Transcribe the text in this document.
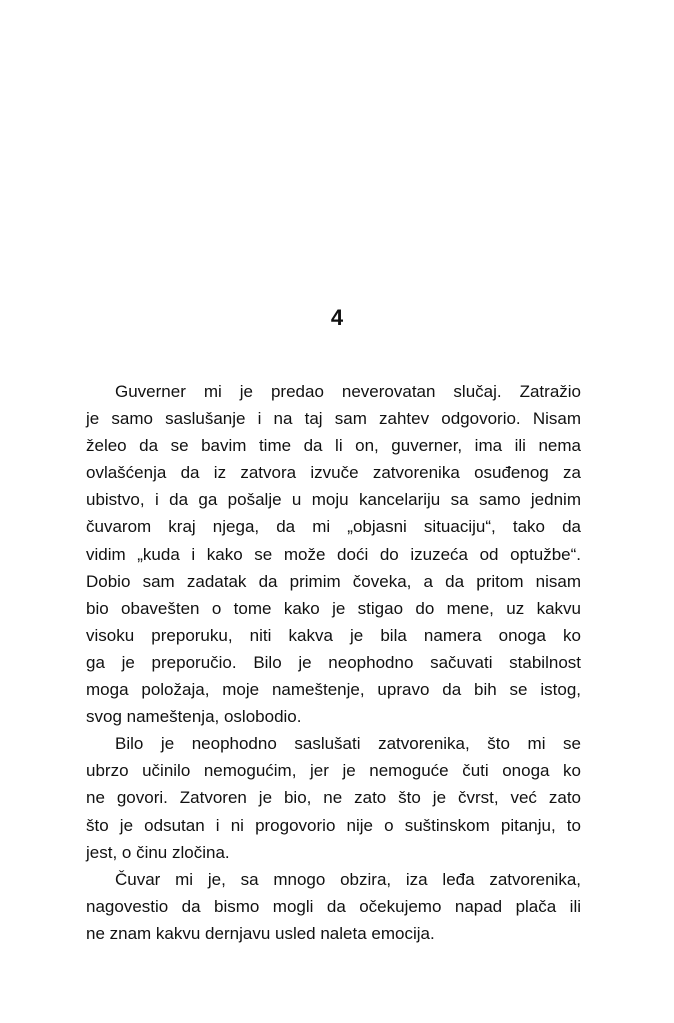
4
Guverner mi je predao neverovatan slučaj. Zatražio
je samo saslušanje i na taj sam zahtev odgovorio. Nisam
želeo da se bavim time da li on, guverner, ima ili nema
ovlašćenja da iz zatvora izvuče zatvorenika osuđenog za
ubistvo, i da ga pošalje u moju kancelariju sa samo jednim
čuvarom kraj njega, da mi „objasni situaciju“, tako da
vidim „kuda i kako se može doći do izuzeća od optužbe“.
Dobio sam zadatak da primim čoveka, a da pritom nisam
bio obavešten o tome kako je stigao do mene, uz kakvu
visoku preporuku, niti kakva je bila namera onoga ko
ga je preporučio. Bilo je neophodno sačuvati stabilnost
moga položaja, moje nameštenje, upravo da bih se istog,
svog nameštenja, oslobodio.
Bilo je neophodno saslušati zatvorenika, što mi se
ubrzo učinilo nemogućim, jer je nemoguće čuti onoga ko
ne govori. Zatvoren je bio, ne zato što je čvrst, već zato
što je odsutan i ni progovorio nije o suštinskom pitanju, to
jest, o činu zločina.
Čuvar mi je, sa mnogo obzira, iza leđa zatvorenika,
nagovestio da bismo mogli da očekujemo napad plača ili
ne znam kakvu dernjavu usled naleta emocija.
